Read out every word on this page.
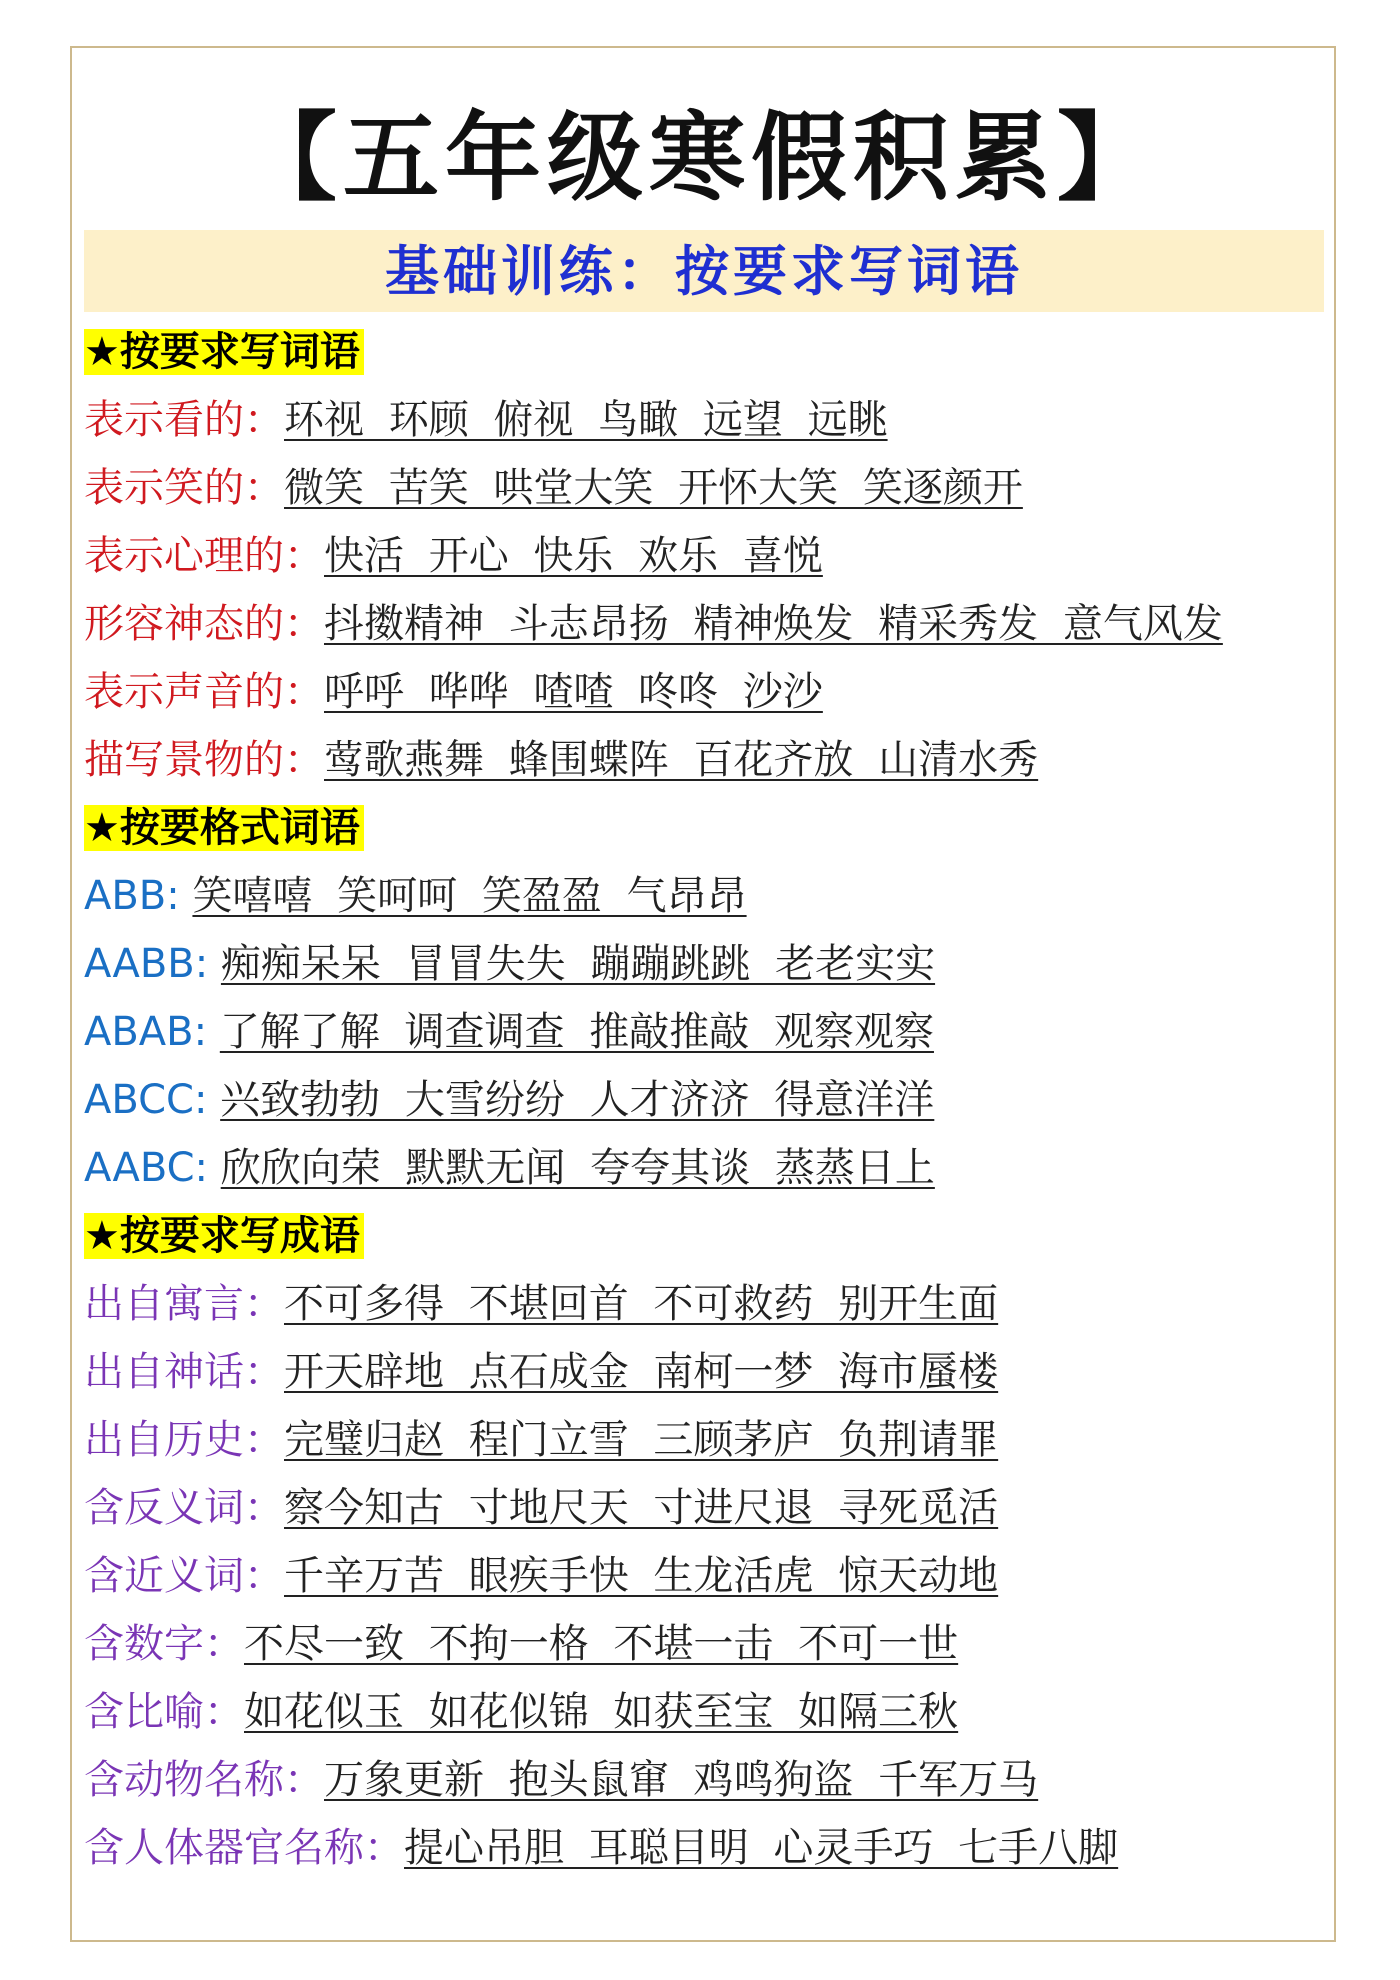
【五年级寒假积累】
基础训练：按要求写词语
★按要求写词语
表示看的：环视 环顾 俯视 鸟瞰 远望 远眺
表示笑的：微笑 苦笑 哄堂大笑 开怀大笑 笑逐颜开
表示心理的：快活 开心 快乐 欢乐 喜悦
形容神态的：抖擞精神 斗志昂扬 精神焕发 精采秀发 意气风发
表示声音的：呼呼 哗哗 喳喳 咚咚 沙沙
描写景物的：莺歌燕舞 蜂围蝶阵 百花齐放 山清水秀
★按要格式词语
ABB: 笑嘻嘻 笑呵呵 笑盈盈 气昂昂
AABB: 痴痴呆呆 冒冒失失 蹦蹦跳跳 老老实实
ABAB: 了解了解 调查调查 推敲推敲 观察观察
ABCC: 兴致勃勃 大雪纷纷 人才济济 得意洋洋
AABC: 欣欣向荣 默默无闻 夸夸其谈 蒸蒸日上
★按要求写成语
出自寓言：不可多得 不堪回首 不可救药 别开生面
出自神话：开天辟地 点石成金 南柯一梦 海市蜃楼
出自历史：完璧归赵 程门立雪 三顾茅庐 负荆请罪
含反义词：察今知古 寸地尺天 寸进尺退 寻死觅活
含近义词：千辛万苦 眼疾手快 生龙活虎 惊天动地
含数字：不尽一致 不拘一格 不堪一击 不可一世
含比喻：如花似玉 如花似锦 如获至宝 如隔三秋
含动物名称：万象更新 抱头鼠窜 鸡鸣狗盗 千军万马
含人体器官名称：提心吊胆 耳聪目明 心灵手巧 七手八脚
